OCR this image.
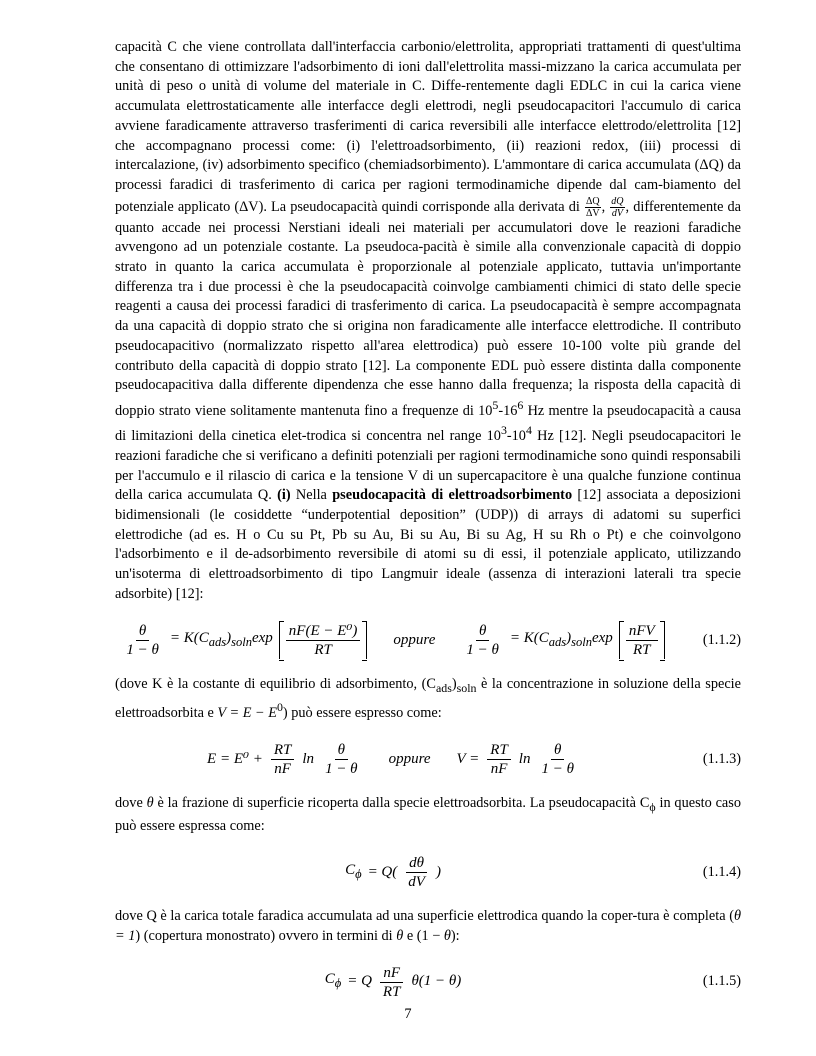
capacità C che viene controllata dall'interfaccia carbonio/elettrolita, appropriati trattamenti di quest'ultima che consentano di ottimizzare l'adsorbimento di ioni dall'elettrolita massi-mizzano la carica accumulata per unità di peso o unità di volume del materiale in C. Diffe-rentemente dagli EDLC in cui la carica viene accumulata elettrostaticamente alle interfacce degli elettrodi, negli pseudocapacitori l'accumulo di carica avviene faradicamente attraverso trasferimenti di carica reversibili alle interfacce elettrodo/elettrolita [12] che accompagnano processi come: (i) l'elettroadsorbimento, (ii) reazioni redox, (iii) processi di intercalazione, (iv) adsorbimento specifico (chemiadsorbimento). L'ammontare di carica accumulata (ΔQ) da processi faradici di trasferimento di carica per ragioni termodinamiche dipende dal cam-biamento del potenziale applicato (ΔV). La pseudocapacità quindi corrisponde alla derivata di $\frac{\Delta Q}{\Delta V}$ , $\frac{dQ}{dV}$ , differentemente da quanto accade nei processi Nerstiani ideali nei materiali per accumulatori dove le reazioni faradiche avvengono ad un potenziale costante. La pseudoca-pacità è simile alla convenzionale capacità di doppio strato in quanto la carica accumulata è proporzionale al potenziale applicato, tuttavia un'importante differenza tra i due processi è che la pseudocapacità coinvolge cambiamenti chimici di stato delle specie reagenti a causa dei processi faradici di trasferimento di carica. La pseudocapacità è sempre accompagnata da una capacità di doppio strato che si origina non faradicamente alle interfacce elettrodiche. Il contributo pseudocapacitivo (normalizzato rispetto all'area elettrodica) può essere 10-100 volte più grande del contributo della capacità di doppio strato [12]. La componente EDL può essere distinta dalla componente pseudocapacitiva dalla differente dipendenza che esse hanno dalla frequenza; la risposta della capacità di doppio strato viene solitamente mantenuta fino a frequenze di $10^5-16^6$ Hz mentre la pseudocapacità a causa di limitazioni della cinetica elet-trodica si concentra nel range $10^3-10^4$ Hz [12]. Negli pseudocapacitori le reazioni faradiche che si verificano a definiti potenziali per ragioni termodinamiche sono quindi responsabili per l'accumulo e il rilascio di carica e la tensione V di un supercapacitore è una qualche funzione continua della carica accumulata Q. (i) Nella pseudocapacità di elettroadsorbimento [12] associata a deposizioni bidimensionali (le cosiddette “underpotential deposition” (UDP)) di arrays di adatomi su superfici elettrodiche (ad es. H o Cu su Pt, Pb su Au, Bi su Au, Bi su Ag, H su Rh o Pt) e che coinvolgono l'adsorbimento e il de-adsorbimento reversibile di atomi su di essi, il potenziale applicato, utilizzando un'isoterma di elettroadsorbimento di tipo Langmuir ideale (assenza di interazioni laterali tra specie adsorbite) [12]:

$\frac{\theta}{1 - \theta} = K(C_{ads})_{soln}\exp \frac{\text{nF(E − E⁰)}}{RT}$ oppure $\frac{\theta}{1 - \theta} = K(C_{ads})_{soln}\exp \frac{\text{nFV}}{RT}$	(1.1.2)

(dove K è la costante di equilibrio di adsorbimento, $(C_{ads})_{soln}$ è la concentrazione in soluzione della specie elettroadsorbita e $V = E - E^0$) può essere espresso come:

$E = E^0 + \frac{RT}{nF}$ $\ln \frac{\theta}{1 - \theta}$ oppure $V = \frac{RT}{nF}$ $\ln \frac{\theta}{1 - \theta}$	(1.1.3)

dove θ è la frazione di superficie ricoperta dalla specie elettroadsorbita. La pseudocapacità $C_\phi$ in questo caso può essere espressa come:

$C_\phi = Q( \frac{d\theta}{dV}$ )	(1.1.4)

dove Q è la carica totale faradica accumulata ad una superficie elettrodica quando la coper-tura è completa (θ = 1) (copertura monostrato) ovvero in termini di θ e (1 − θ):

$C_\phi = Q \frac{nF}{RT} \theta(1 - \theta)$	(1.1.5)
7
